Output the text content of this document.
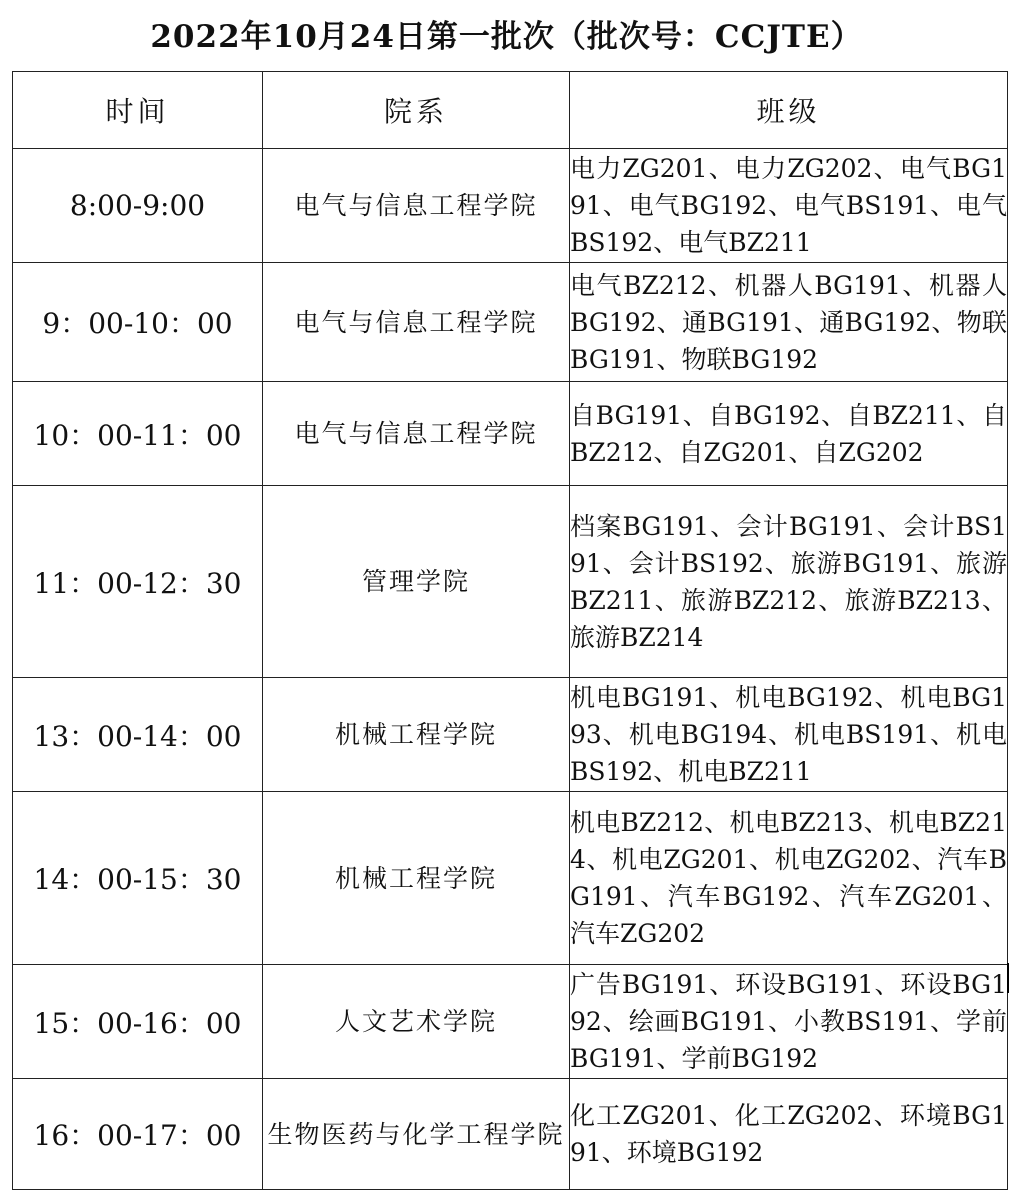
2022年10月24日第一批次（批次号：CCJTE）
时间	院系	班级
8:00-9:00	电气与信息工程学院	电力ZG201、电力ZG202、电气BG191、电气BG192、电气BS191、电气BS192、电气BZ211
9：00-10：00	电气与信息工程学院	电气BZ212、机器人BG191、机器人BG192、通BG191、通BG192、物联BG191、物联BG192
10：00-11：00	电气与信息工程学院	自BG191、自BG192、自BZ211、自BZ212、自ZG201、自ZG202
11：00-12：30	管理学院	档案BG191、会计BG191、会计BS191、会计BS192、旅游BG191、旅游BZ211、旅游BZ212、旅游BZ213、旅游BZ214
13：00-14：00	机械工程学院	机电BG191、机电BG192、机电BG193、机电BG194、机电BS191、机电BS192、机电BZ211
14：00-15：30	机械工程学院	机电BZ212、机电BZ213、机电BZ214、机电ZG201、机电ZG202、汽车BG191、汽车BG192、汽车ZG201、汽车ZG202
15：00-16：00	人文艺术学院	广告BG191、环设BG191、环设BG192、绘画BG191、小教BS191、学前BG191、学前BG192
16：00-17：00	生物医药与化学工程学院	化工ZG201、化工ZG202、环境BG191、环境BG192
